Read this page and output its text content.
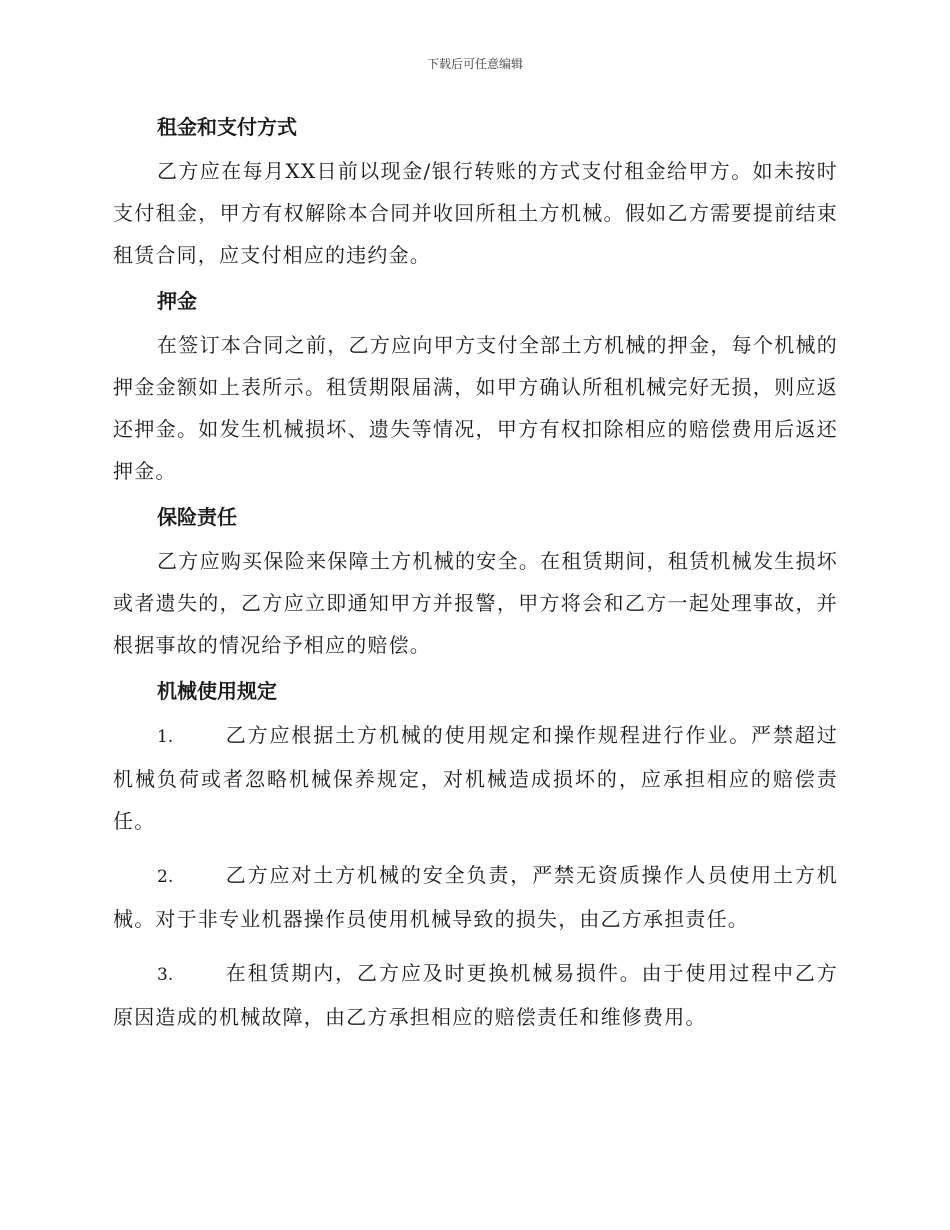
下载后可任意编辑
租金和支付方式

乙方应在每月XX日前以现金/银行转账的方式支付租金给甲方。如未按时支付租金，甲方有权解除本合同并收回所租土方机械。假如乙方需要提前结束租赁合同，应支付相应的违约金。

押金

在签订本合同之前，乙方应向甲方支付全部土方机械的押金，每个机械的押金金额如上表所示。租赁期限届满，如甲方确认所租机械完好无损，则应返还押金。如发生机械损坏、遗失等情况，甲方有权扣除相应的赔偿费用后返还押金。

保险责任

乙方应购买保险来保障土方机械的安全。在租赁期间，租赁机械发生损坏或者遗失的，乙方应立即通知甲方并报警，甲方将会和乙方一起处理事故，并根据事故的情况给予相应的赔偿。

机械使用规定
1.	乙方应根据土方机械的使用规定和操作规程进行作业。严禁超过机械负荷或者忽略机械保养规定，对机械造成损坏的，应承担相应的赔偿责任。
2.	乙方应对土方机械的安全负责，严禁无资质操作人员使用土方机械。对于非专业机器操作员使用机械导致的损失，由乙方承担责任。
3.	在租赁期内，乙方应及时更换机械易损件。由于使用过程中乙方原因造成的机械故障，由乙方承担相应的赔偿责任和维修费用。
